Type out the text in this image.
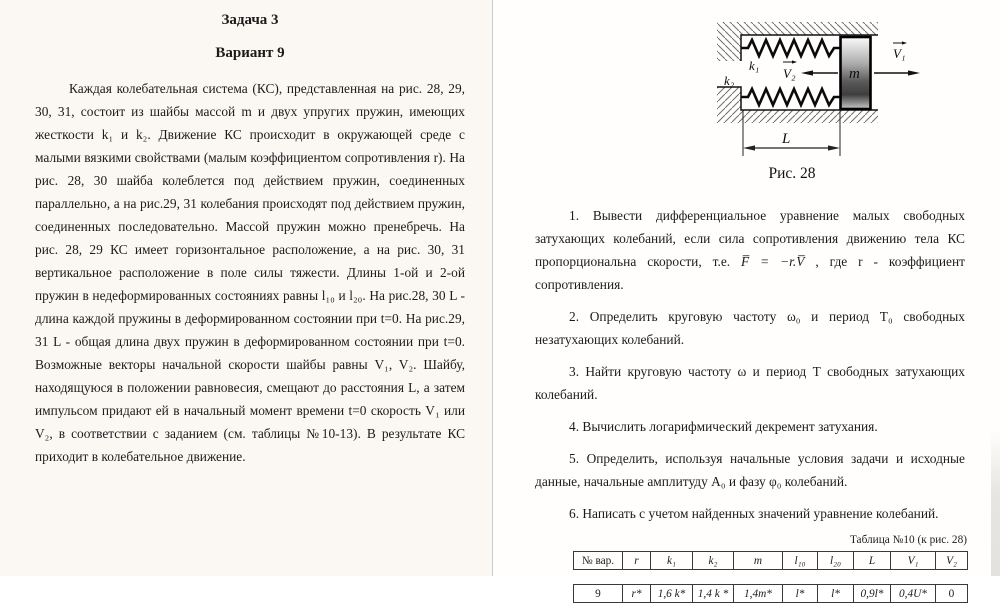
Задача 3
Вариант 9

Каждая колебательная система (КС), представленная на рис. 28, 29, 30, 31, состоит из шайбы массой m и двух упругих пружин, имеющих жесткости k₁ и k₂. Движение КС происходит в окружающей среде с малыми вязкими свойствами (малым коэффициентом сопротивления r). На рис. 28, 30 шайба колеблется под действием пружин, соединенных параллельно, а на рис.29, 31 колебания происходят под действием пружин, соединенных последовательно. Массой пружин можно пренебречь. На рис. 28, 29 КС имеет горизонтальное расположение, а на рис. 30, 31 вертикальное расположение в поле силы тяжести. Длины 1-ой и 2-ой пружин в недеформированных состояниях равны l₁₀ и l₂₀. На рис.28, 30 L - длина каждой пружины в деформированном состоянии при t=0. На рис.29, 31 L - общая длина двух пружин в деформированном состоянии при t=0. Возможные векторы начальной скорости шайбы равны V₁, V₂. Шайбу, находящуюся в положении равновесия, смещают до расстояния L, а затем импульсом придают ей в начальный момент времени t=0 скорость V₁ или V₂, в соответствии с заданием (см. таблицы №10-13). В результате КС приходит в колебательное движение.

m
V₂
V₁
k₁
k₂
L
Рис. 28

1. Вывести дифференциальное уравнение малых свободных затухающих колебаний, если сила сопротивления движению тела КС пропорциональна скорости, т.е. F̅ = −r.V̅ , где r - коэффициент сопротивления.

2. Определить круговую частоту ω₀ и период Т₀ свободных незатухающих колебаний.

3. Найти круговую частоту ω и период Т свободных затухающих колебаний.

4. Вычислить логарифмический декремент затухания.

5. Определить, используя начальные условия задачи и исходные данные, начальные амплитуду А₀ и фазу φ₀ колебаний.

6. Написать с учетом найденных значений уравнение колебаний.

Таблица №10 (к рис. 28)
№ вар.	r	k₁	k₂	m	l₁₀	l₂₀	L	V₁	V₂
9	r*	1,6 k*	1,4 k *	1,4m*	l*	l*	0,9l*	0,4U*	0
